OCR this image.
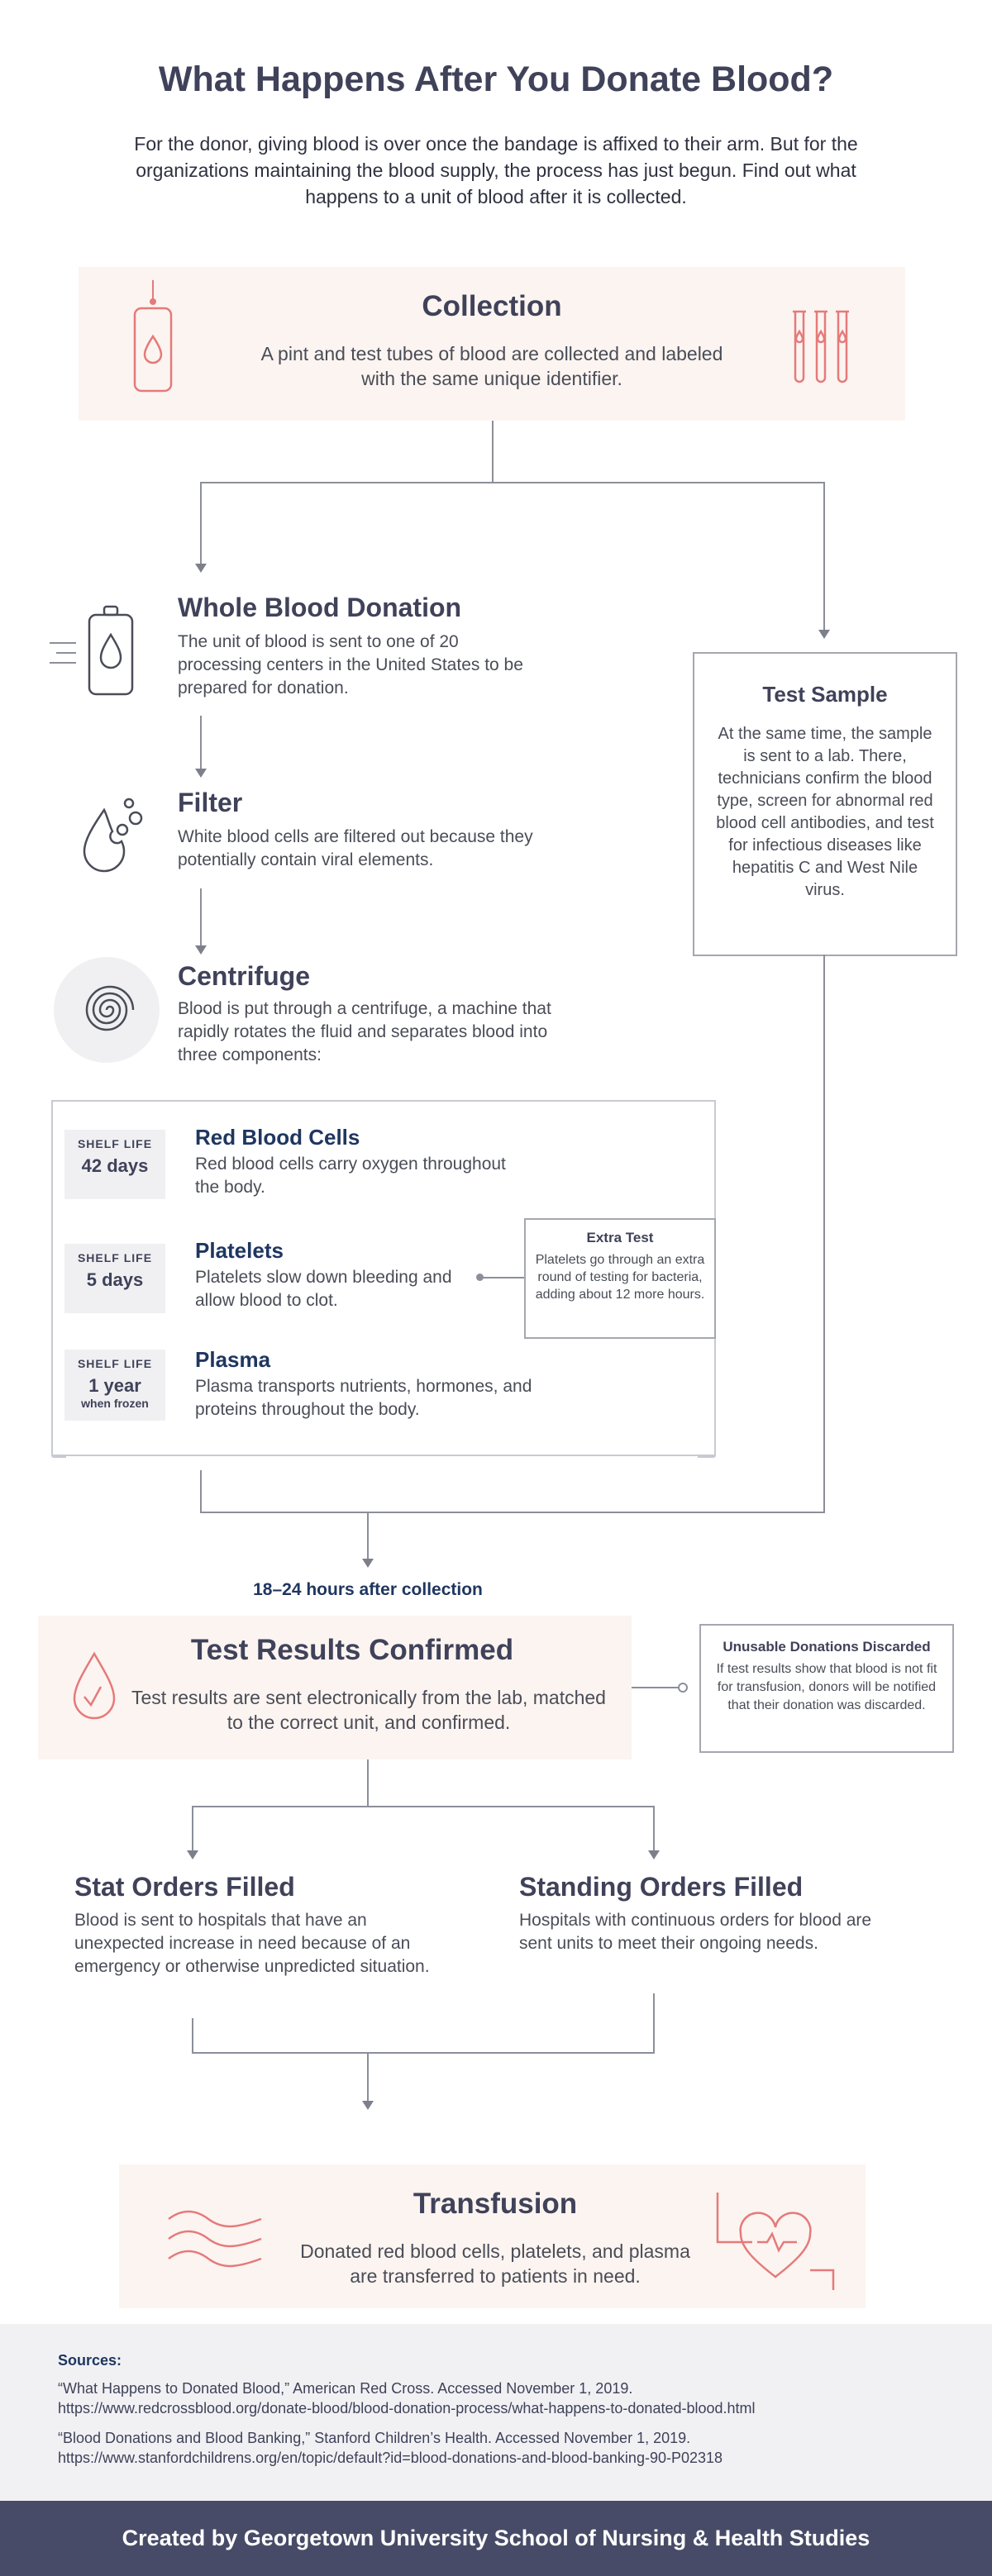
What Happens After You Donate Blood?
For the donor, giving blood is over once the bandage is affixed to their arm. But for the organizations maintaining the blood supply, the process has just begun. Find out what happens to a unit of blood after it is collected.
Collection
A pint and test tubes of blood are collected and labeled with the same unique identifier.
Whole Blood Donation
The unit of blood is sent to one of 20 processing centers in the United States to be prepared for donation.
Filter
White blood cells are filtered out because they potentially contain viral elements.
Centrifuge
Blood is put through a centrifuge, a machine that rapidly rotates the fluid and separates blood into three components:
Test Sample
At the same time, the sample is sent to a lab. There, technicians confirm the blood type, screen for abnormal red blood cell antibodies, and test for infectious diseases like hepatitis C and West Nile virus.
SHELF LIFE
42 days
Red Blood Cells
Red blood cells carry oxygen throughout the body.
SHELF LIFE
5 days
Platelets
Platelets slow down bleeding and allow blood to clot.
Extra Test
Platelets go through an extra round of testing for bacteria, adding about 12 more hours.
SHELF LIFE
1 year
when frozen
Plasma
Plasma transports nutrients, hormones, and proteins throughout the body.
18–24 hours after collection
Test Results Confirmed
Test results are sent electronically from the lab, matched to the correct unit, and confirmed.
Unusable Donations Discarded
If test results show that blood is not fit for transfusion, donors will be notified that their donation was discarded.
Stat Orders Filled
Blood is sent to hospitals that have an unexpected increase in need because of an emergency or otherwise unpredicted situation.
Standing Orders Filled
Hospitals with continuous orders for blood are sent units to meet their ongoing needs.
Transfusion
Donated red blood cells, platelets, and plasma are transferred to patients in need.
Sources:
“What Happens to Donated Blood,” American Red Cross. Accessed November 1, 2019.
https://www.redcrossblood.org/donate-blood/blood-donation-process/what-happens-to-donated-blood.html
“Blood Donations and Blood Banking,” Stanford Children’s Health. Accessed November 1, 2019.
https://www.stanfordchildrens.org/en/topic/default?id=blood-donations-and-blood-banking-90-P02318
Created by Georgetown University School of Nursing & Health Studies
